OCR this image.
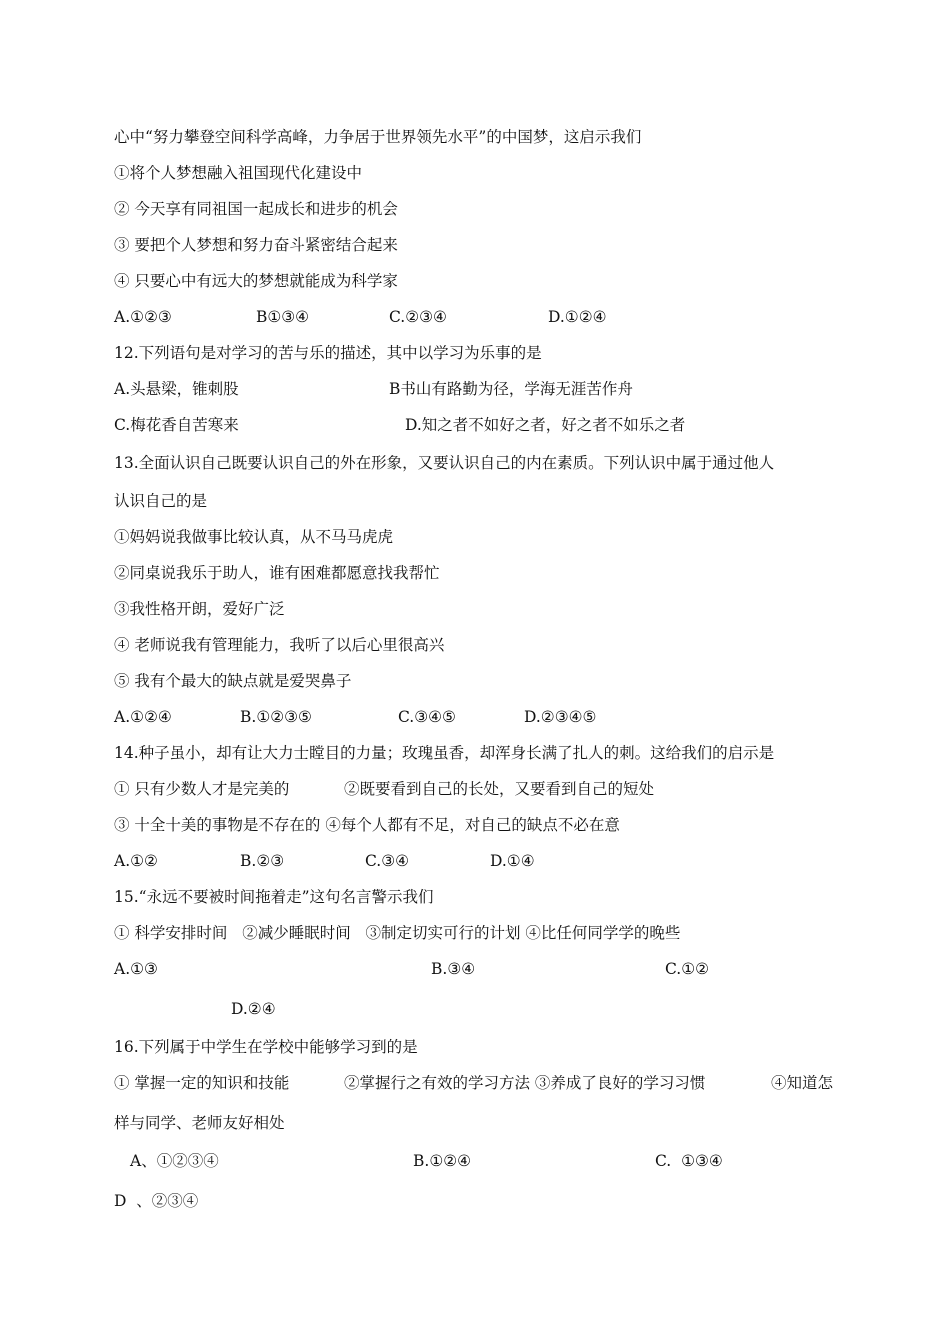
心中“努力攀登空间科学高峰，力争居于世界领先水平”的中国梦，这启示我们
①将个人梦想融入祖国现代化建设中
② 今天享有同祖国一起成长和进步的机会
③ 要把个人梦想和努力奋斗紧密结合起来
④ 只要心中有远大的梦想就能成为科学家
A.①②③	B①③④	C.②③④	D.①②④
12.下列语句是对学习的苦与乐的描述，其中以学习为乐事的是
A.头悬梁，锥刺股	B书山有路勤为径，学海无涯苦作舟
C.梅花香自苦寒来	D.知之者不如好之者，好之者不如乐之者
13.全面认识自己既要认识自己的外在形象，又要认识自己的内在素质。下列认识中属于通过他人
认识自己的是
①妈妈说我做事比较认真，从不马马虎虎
②同桌说我乐于助人，谁有困难都愿意找我帮忙
③我性格开朗，爱好广泛
④ 老师说我有管理能力，我听了以后心里很高兴
⑤ 我有个最大的缺点就是爱哭鼻子
A.①②④	B.①②③⑤	C.③④⑤	D.②③④⑤
14.种子虽小，却有让大力士瞠目的力量；玫瑰虽香，却浑身长满了扎人的刺。这给我们的启示是
① 只有少数人才是完美的	②既要看到自己的长处，又要看到自己的短处
③ 十全十美的事物是不存在的 ④每个人都有不足，对自己的缺点不必在意
A.①②	B.②③	C.③④	D.①④
15.“永远不要被时间拖着走”这句名言警示我们
① 科学安排时间   ②减少睡眠时间   ③制定切实可行的计划 ④比任何同学学的晚些
A.①③	B.③④	C.①②
D.②④
16.下列属于中学生在学校中能够学习到的是
① 掌握一定的知识和技能	②掌握行之有效的学习方法 ③养成了良好的学习习惯	④知道怎
样与同学、老师友好相处
A、①②③④	B.①②④	C.  ①③④
D  、②③④
